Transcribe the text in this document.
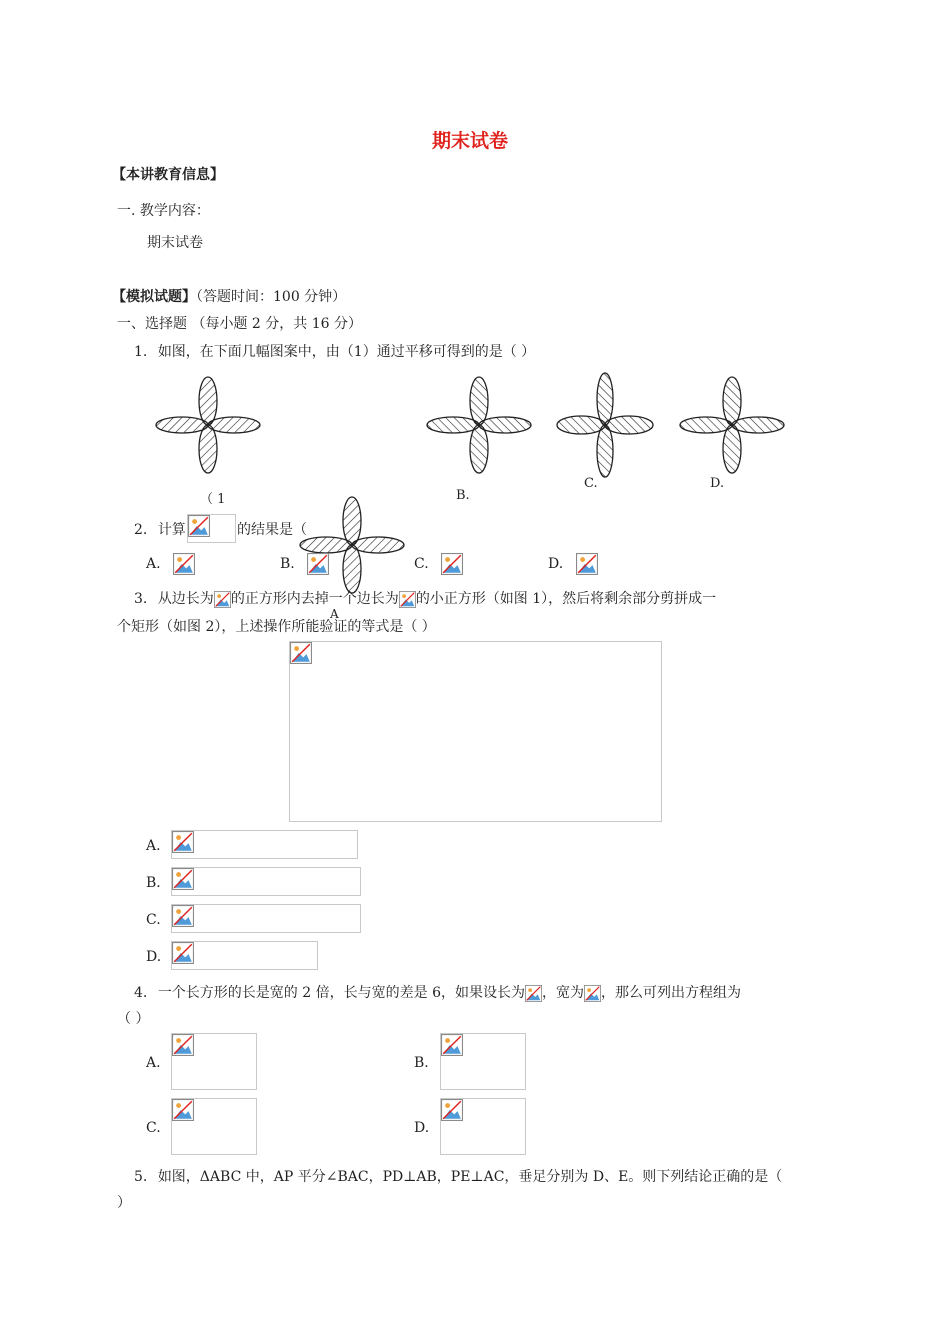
期末试卷
【本讲教育信息】
一. 教学内容：
期末试卷
【模拟试题】（答题时间：100 分钟）
一、选择题 （每小题 2 分，共 16 分）
1. 如图，在下面几幅图案中，由（1）通过平移可得到的是（ ）
（ 1	B.
C.	D.
A
2. 计算	的结果是（
A.	B.	C.	D.
3. 从边长为 的正方形内去掉一个边长为 的小正方形（如图 1），然后将剩余部分剪拼成一
个矩形（如图 2），上述操作所能验证的等式是（ ）
A.
B.
C.
D.
4. 一个长方形的长是宽的 2 倍，长与宽的差是 6，如果设长为 ，宽为 ，那么可列出方程组为
（ ）
A.	B.
C.	D.
5. 如图，ΔABC 中，AP 平分∠BAC，PD⊥AB，PE⊥AC，垂足分别为 D、E。则下列结论正确的是（
）
